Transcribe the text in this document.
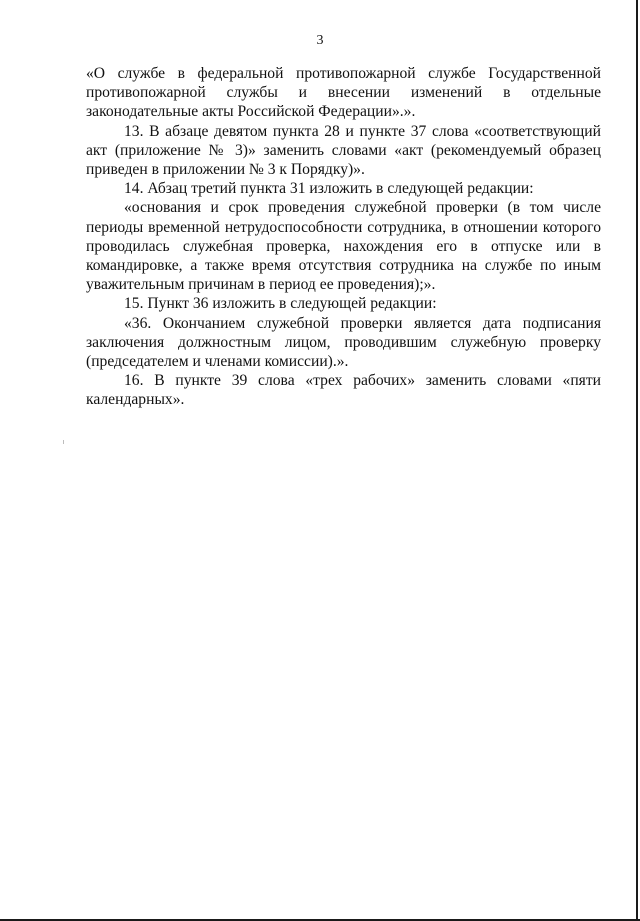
3

«О службе в федеральной противопожарной службе Государственной противопожарной службы и внесении изменений в отдельные законодательные акты Российской Федерации».».

13. В абзаце девятом пункта 28 и пункте 37 слова «соответствующий акт (приложение № 3)» заменить словами «акт (рекомендуемый образец приведен в приложении № 3 к Порядку)».

14. Абзац третий пункта 31 изложить в следующей редакции:

«основания и срок проведения служебной проверки (в том числе периоды временной нетрудоспособности сотрудника, в отношении которого проводилась служебная проверка, нахождения его в отпуске или в командировке, а также время отсутствия сотрудника на службе по иным уважительным причинам в период ее проведения);».

15. Пункт 36 изложить в следующей редакции:

«36. Окончанием служебной проверки является дата подписания заключения должностным лицом, проводившим служебную проверку (председателем и членами комиссии).».

16. В пункте 39 слова «трех рабочих» заменить словами «пяти календарных».
